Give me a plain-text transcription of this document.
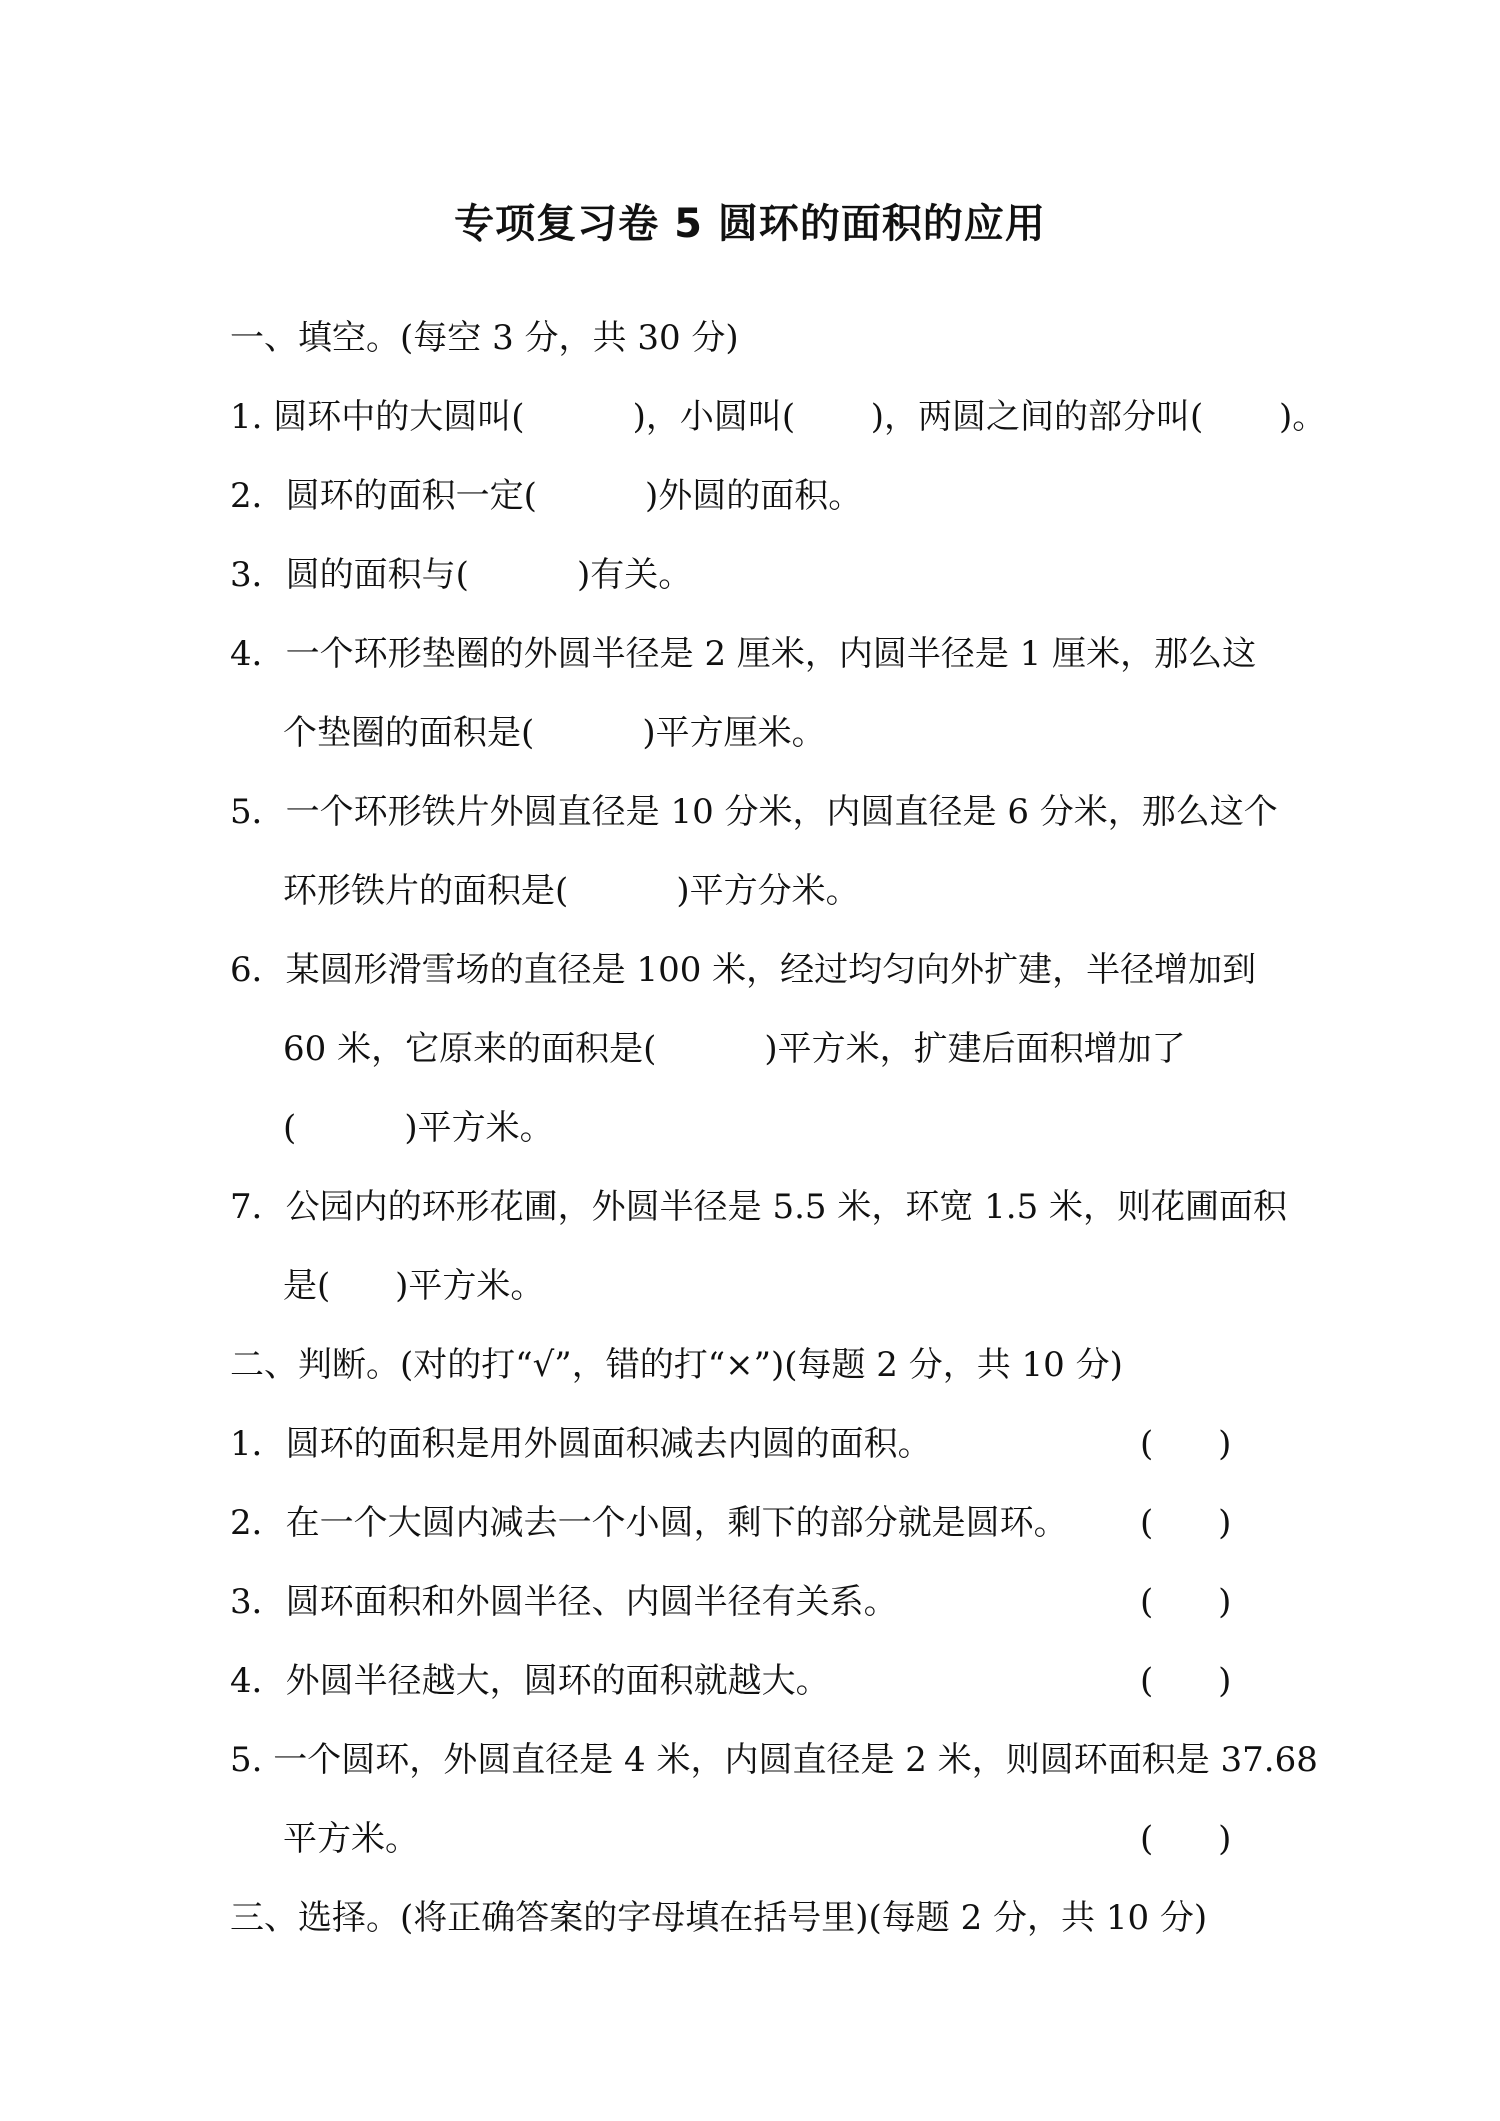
专项复习卷 5 圆环的面积的应用
一、填空。(每空 3 分，共 30 分)
1. 圆环中的大圆叫(          )，小圆叫(       )，两圆之间的部分叫(       )。
2．圆环的面积一定(          )外圆的面积。
3．圆的面积与(          )有关。
4．一个环形垫圈的外圆半径是 2 厘米，内圆半径是 1 厘米，那么这
个垫圈的面积是(          )平方厘米。
5．一个环形铁片外圆直径是 10 分米，内圆直径是 6 分米，那么这个
环形铁片的面积是(          )平方分米。
6．某圆形滑雪场的直径是 100 米，经过均匀向外扩建，半径增加到
60 米，它原来的面积是(          )平方米，扩建后面积增加了
(          )平方米。
7．公园内的环形花圃，外圆半径是 5.5 米，环宽 1.5 米，则花圃面积
是(      )平方米。
二、判断。(对的打“√”，错的打“×”)(每题 2 分，共 10 分)
1．圆环的面积是用外圆面积减去内圆的面积。	(      )
2．在一个大圆内减去一个小圆，剩下的部分就是圆环。 (      )
3．圆环面积和外圆半径、内圆半径有关系。	(      )
4．外圆半径越大，圆环的面积就越大。	(      )
5. 一个圆环，外圆直径是 4 米，内圆直径是 2 米，则圆环面积是 37.68
平方米。	(      )
三、选择。(将正确答案的字母填在括号里)(每题 2 分，共 10 分)
